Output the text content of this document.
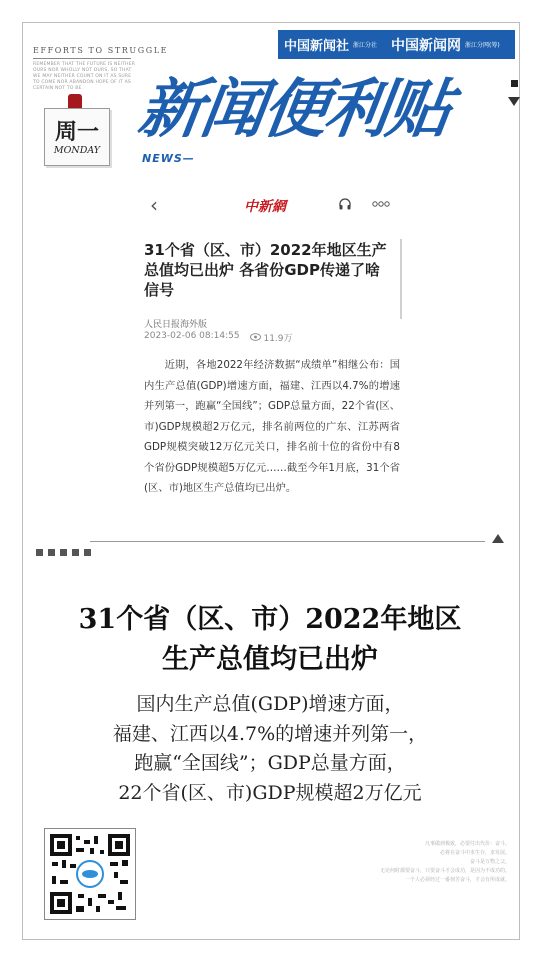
EFFORTS TO STRUGGLE
REMEMBER THAT THE FUTURE IS NEITHER OURS NOR WHOLLY NOT OURS, SO THAT WE MAY NEITHER COUNT ON IT AS SURE TO COME NOR ABANDON HOPE OF IT AS CERTAIN NOT TO BE.
周一
MONDAY
中国新闻社 浙江分社 中国新闻网 浙江分网(筹)
新闻便利贴
NEWS—
‹	中新網
31个省（区、市）2022年地区生产总值均已出炉 各省份GDP传递了啥信号
人民日报海外版
2023-02-06 08:14:55	11.9万

近期，各地2022年经济数据“成绩单”相继公布：国内生产总值(GDP)增速方面，福建、江西以4.7%的增速并列第一，跑赢“全国线”；GDP总量方面，22个省(区、市)GDP规模超2万亿元，排名前两位的广东、江苏两省GDP规模突破12万亿元关口，排名前十位的省份中有8个省份GDP规模超5万亿元……截至今年1月底，31个省(区、市)地区生产总值均已出炉。

31个省（区、市）2022年地区
生产总值均已出炉
国内生产总值(GDP)增速方面，
福建、江西以4.7%的增速并列第一，
跑赢“全国线”；GDP总量方面，
22个省(区、市)GDP规模超2万亿元
凡事做到极致，必要付出代价：奋斗。
必将在奋斗中求生存，求发展。
奋斗是万物之父。
无论何时都要奋斗，只要奋斗才会成功，是因为不成功的。
一个人必须经过一番刻苦奋斗，才会有所成就。
